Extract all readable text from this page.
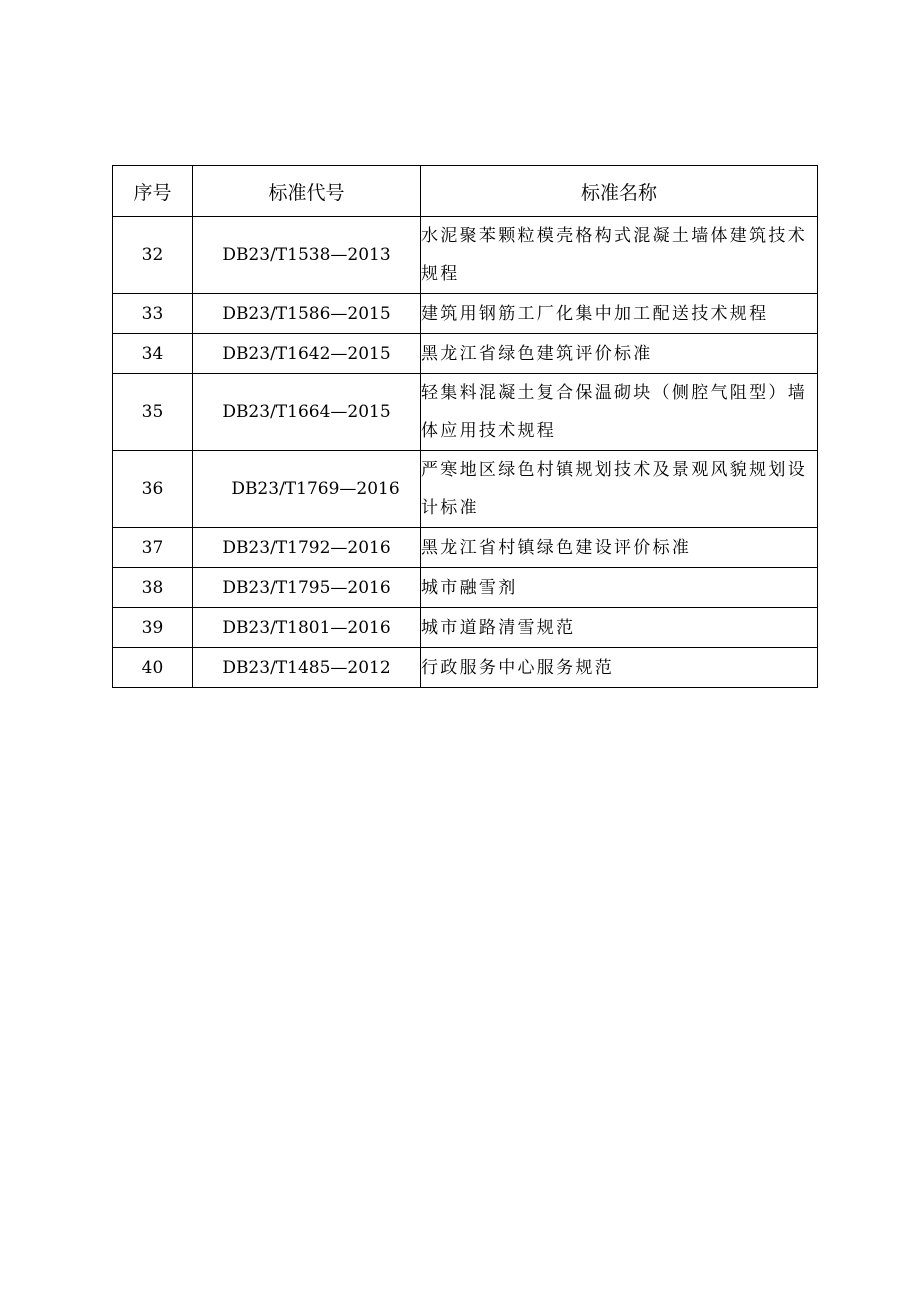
序号	标准代号	标准名称
32	DB23/T1538—2013	水泥聚苯颗粒模壳格构式混凝土墙体建筑技术规程
33	DB23/T1586—2015	建筑用钢筋工厂化集中加工配送技术规程
34	DB23/T1642—2015	黑龙江省绿色建筑评价标准
35	DB23/T1664—2015	轻集料混凝土复合保温砌块（侧腔气阻型）墙体应用技术规程
36	DB23/T1769—2016	严寒地区绿色村镇规划技术及景观风貌规划设计标准
37	DB23/T1792—2016	黑龙江省村镇绿色建设评价标准
38	DB23/T1795—2016	城市融雪剂
39	DB23/T1801—2016	城市道路清雪规范
40	DB23/T1485—2012	行政服务中心服务规范
